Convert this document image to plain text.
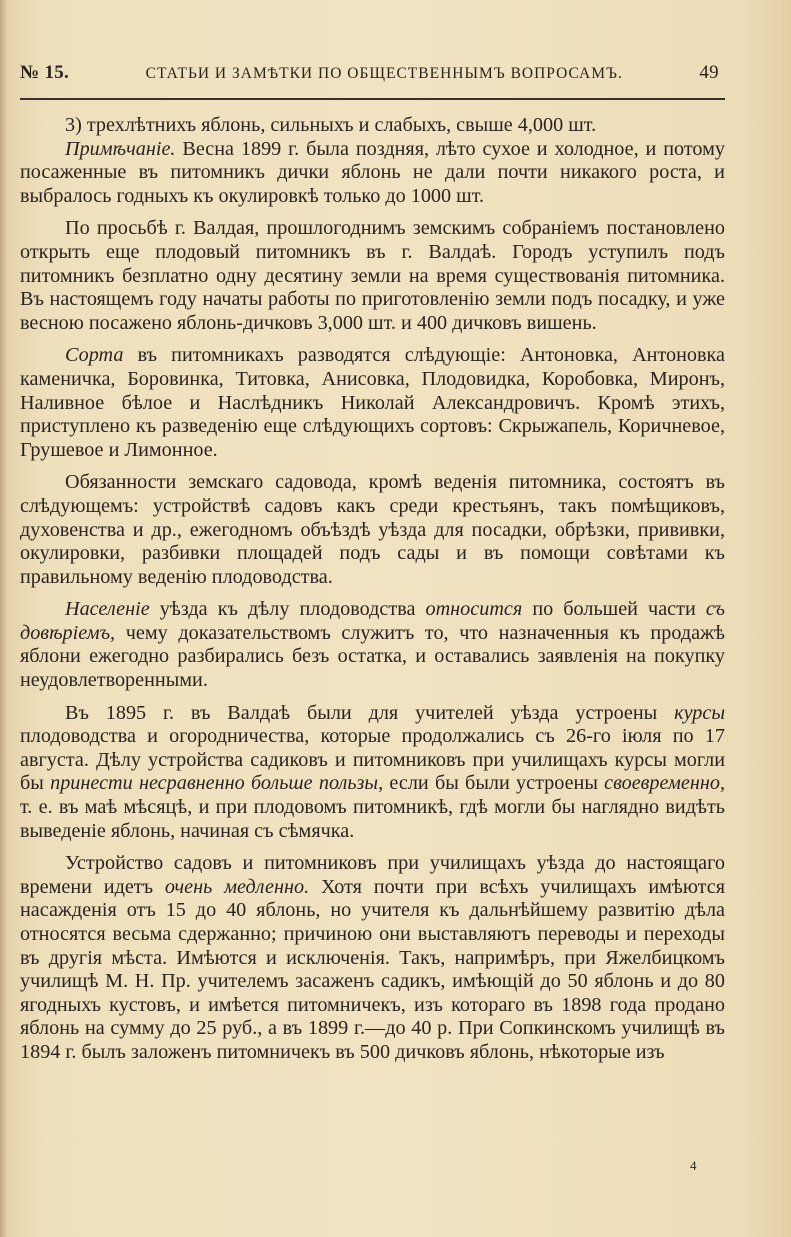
№ 15.	СТАТЬИ И ЗАМѢТКИ ПО ОБЩЕСТВЕННЫМЪ ВОПРОСАМЪ.	49

3) трехлѣтнихъ яблонь, сильныхъ и слабыхъ, свыше 4,000 шт.

Примѣчаніе. Весна 1899 г. была поздняя, лѣто сухое и холодное, и потому посаженные въ питомникъ дички яблонь не дали почти никакого роста, и выбралось годныхъ къ окулировкѣ только до 1000 шт.

По просьбѣ г. Валдая, прошлогоднимъ земскимъ собраніемъ постановлено открыть еще плодовый питомникъ въ г. Валдаѣ. Городъ уступилъ подъ питомникъ безплатно одну десятину земли на время существованія питомника. Въ настоящемъ году начаты работы по приготовленію земли подъ посадку, и уже весною посажено яблонь-дичковъ 3,000 шт. и 400 дичковъ вишень.

Сорта въ питомникахъ разводятся слѣдующіе: Антоновка, Антоновка каменичка, Боровинка, Титовка, Анисовка, Плодовидка, Коробовка, Миронъ, Наливное бѣлое и Наслѣдникъ Николай Александровичъ. Кромѣ этихъ, приступлено къ разведенію еще слѣдующихъ сортовъ: Скрыжапель, Коричневое, Грушевое и Лимонное.

Обязанности земскаго садовода, кромѣ веденія питомника, состоятъ въ слѣдующемъ: устройствѣ садовъ какъ среди крестьянъ, такъ помѣщиковъ, духовенства и др., ежегодномъ объѣздѣ уѣзда для посадки, обрѣзки, прививки, окулировки, разбивки площадей подъ сады и въ помощи совѣтами къ правильному веденію плодоводства.

Населеніе уѣзда къ дѣлу плодоводства относится по большей части съ довѣріемъ, чему доказательствомъ служитъ то, что назначенныя къ продажѣ яблони ежегодно разбирались безъ остатка, и оставались заявленія на покупку неудовлетворенными.

Въ 1895 г. въ Валдаѣ были для учителей уѣзда устроены курсы плодоводства и огородничества, которые продолжались съ 26-го іюля по 17 августа. Дѣлу устройства садиковъ и питомниковъ при училищахъ курсы могли бы принести несравненно больше пользы, если бы были устроены своевременно, т. е. въ маѣ мѣсяцѣ, и при плодовомъ питомникѣ, гдѣ могли бы наглядно видѣть выведеніе яблонь, начиная съ сѣмячка.

Устройство садовъ и питомниковъ при училищахъ уѣзда до настоящаго времени идетъ очень медленно. Хотя почти при всѣхъ училищахъ имѣются насажденія отъ 15 до 40 яблонь, но учителя къ дальнѣйшему развитію дѣла относятся весьма сдержанно; причиною они выставляютъ переводы и переходы въ другія мѣста. Имѣются и исключенія. Такъ, напримѣръ, при Яжелбицкомъ училищѣ М. Н. Пр. учителемъ засаженъ садикъ, имѣющій до 50 яблонь и до 80 ягодныхъ кустовъ, и имѣется питомничекъ, изъ котораго въ 1898 года продано яблонь на сумму до 25 руб., а въ 1899 г.—до 40 р. При Сопкинскомъ училищѣ въ 1894 г. былъ заложенъ питомничекъ въ 500 дичковъ яблонь, нѣкоторые изъ

4
